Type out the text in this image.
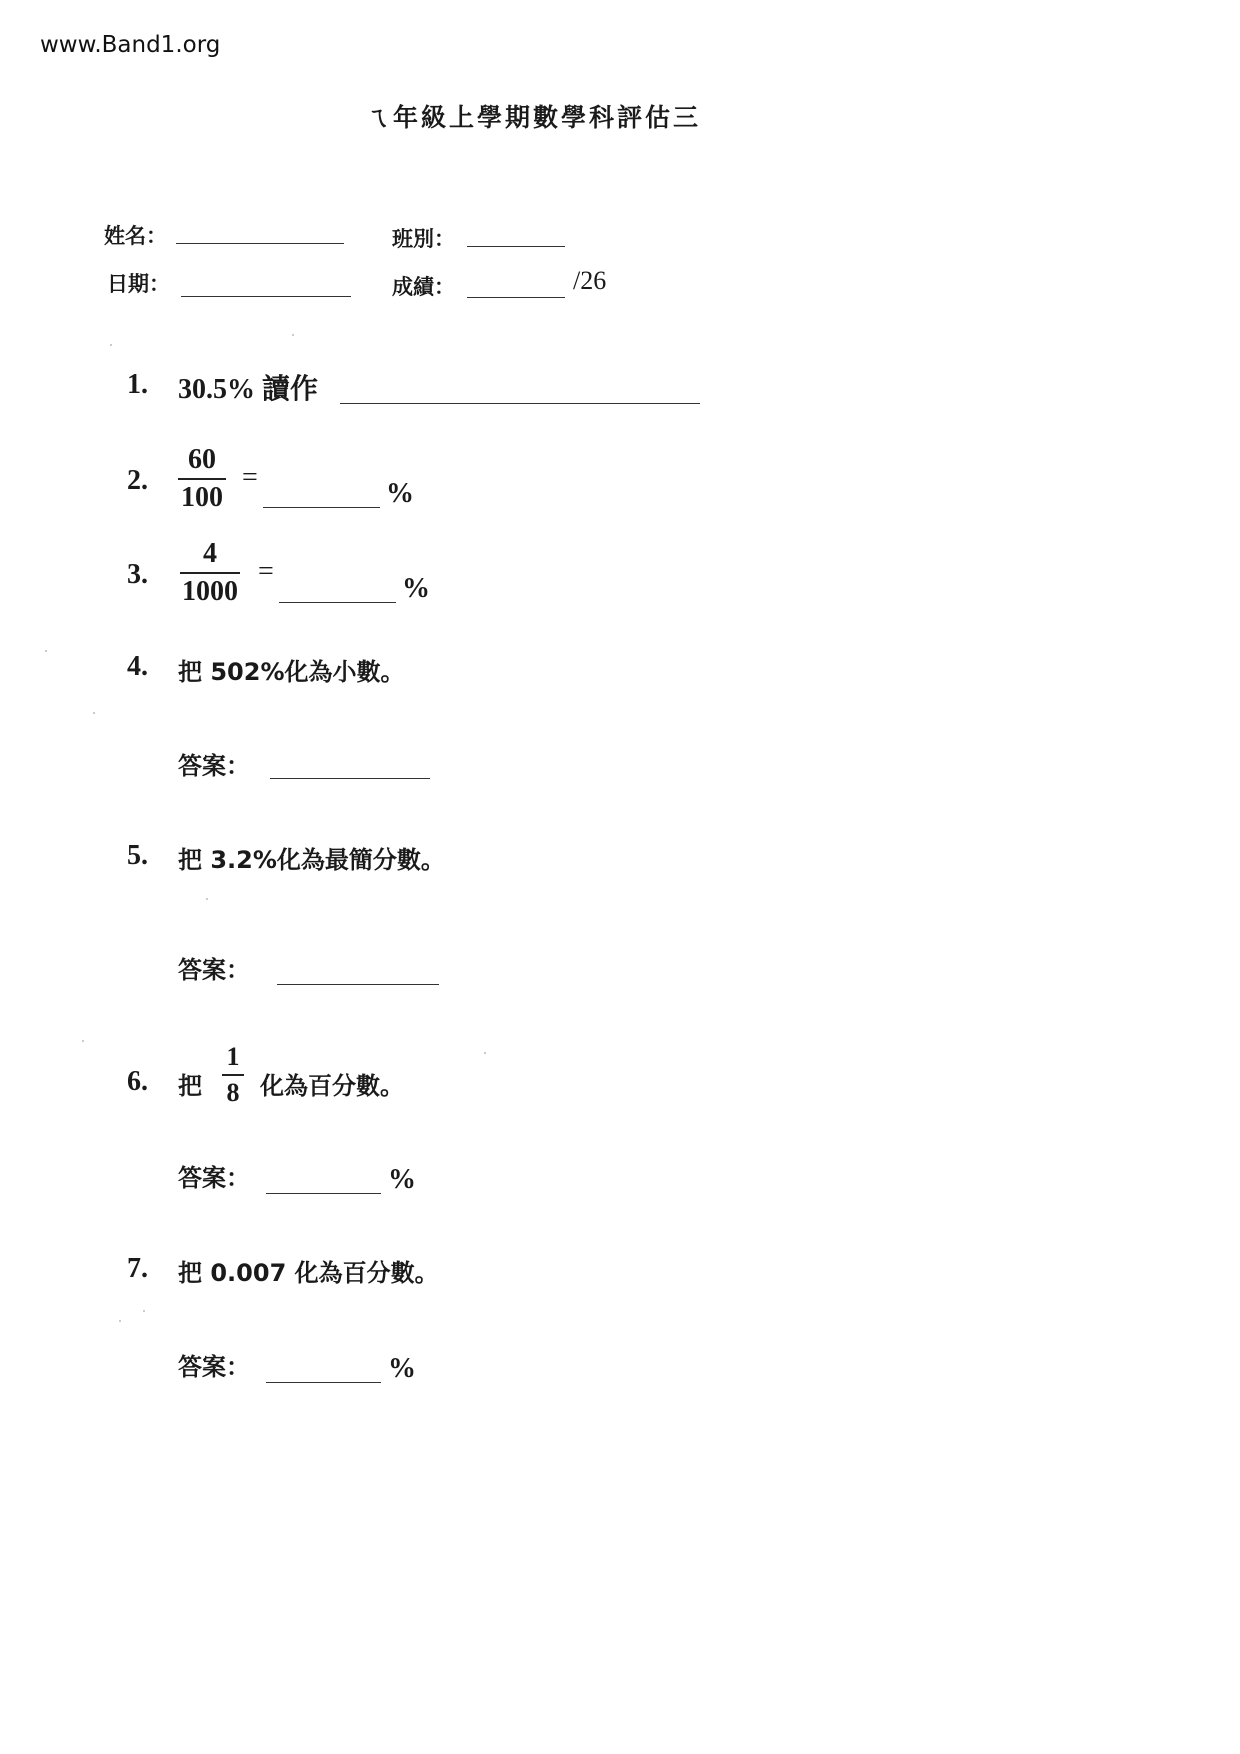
www.Band1.org
ㄟ年級上學期數學科評估三
姓名：	班別：
日期：	成績：	/26
1. 30.5% 讀作
2.
60
100
=
%
3.
4
1000
=
%
4. 把 502%化為小數。
答案：
5. 把 3.2%化為最簡分數。
答案：
6. 把
1
8 化為百分數。
答案：	%
7. 把 0.007 化為百分數。
答案：	%
